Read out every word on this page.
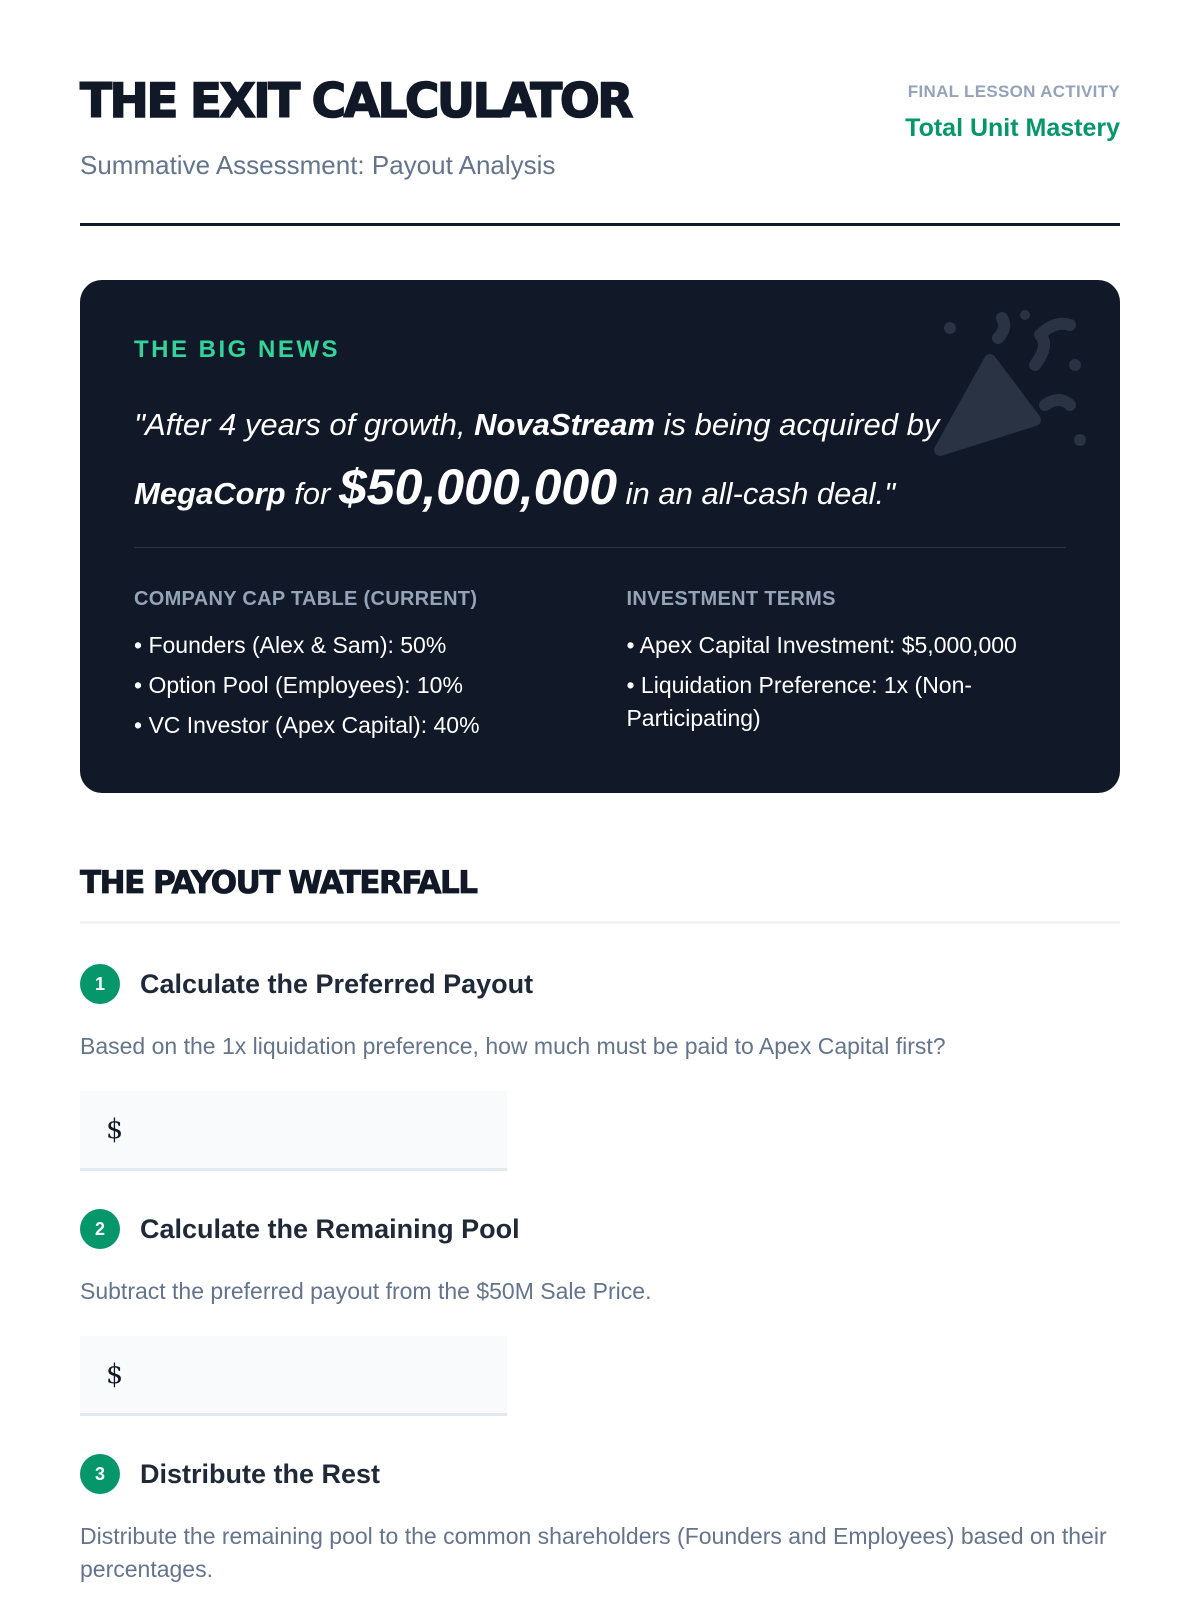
THE EXIT CALCULATOR
Summative Assessment: Payout Analysis
FINAL LESSON ACTIVITY
Total Unit Mastery
THE BIG NEWS

"After 4 years of growth, NovaStream is being acquired by
MegaCorp for $50,000,000 in an all-cash deal."

COMPANY CAP TABLE (CURRENT)
• Founders (Alex & Sam): 50%
• Option Pool (Employees): 10%
• VC Investor (Apex Capital): 40%
INVESTMENT TERMS
• Apex Capital Investment: $5,000,000
• Liquidation Preference: 1x (Non-Participating)
THE PAYOUT WATERFALL
1	Calculate the Preferred Payout

Based on the 1x liquidation preference, how much must be paid to Apex Capital first?

$
2	Calculate the Remaining Pool

Subtract the preferred payout from the $50M Sale Price.

$
3	Distribute the Rest

Distribute the remaining pool to the common shareholders (Founders and Employees) based on their percentages.
